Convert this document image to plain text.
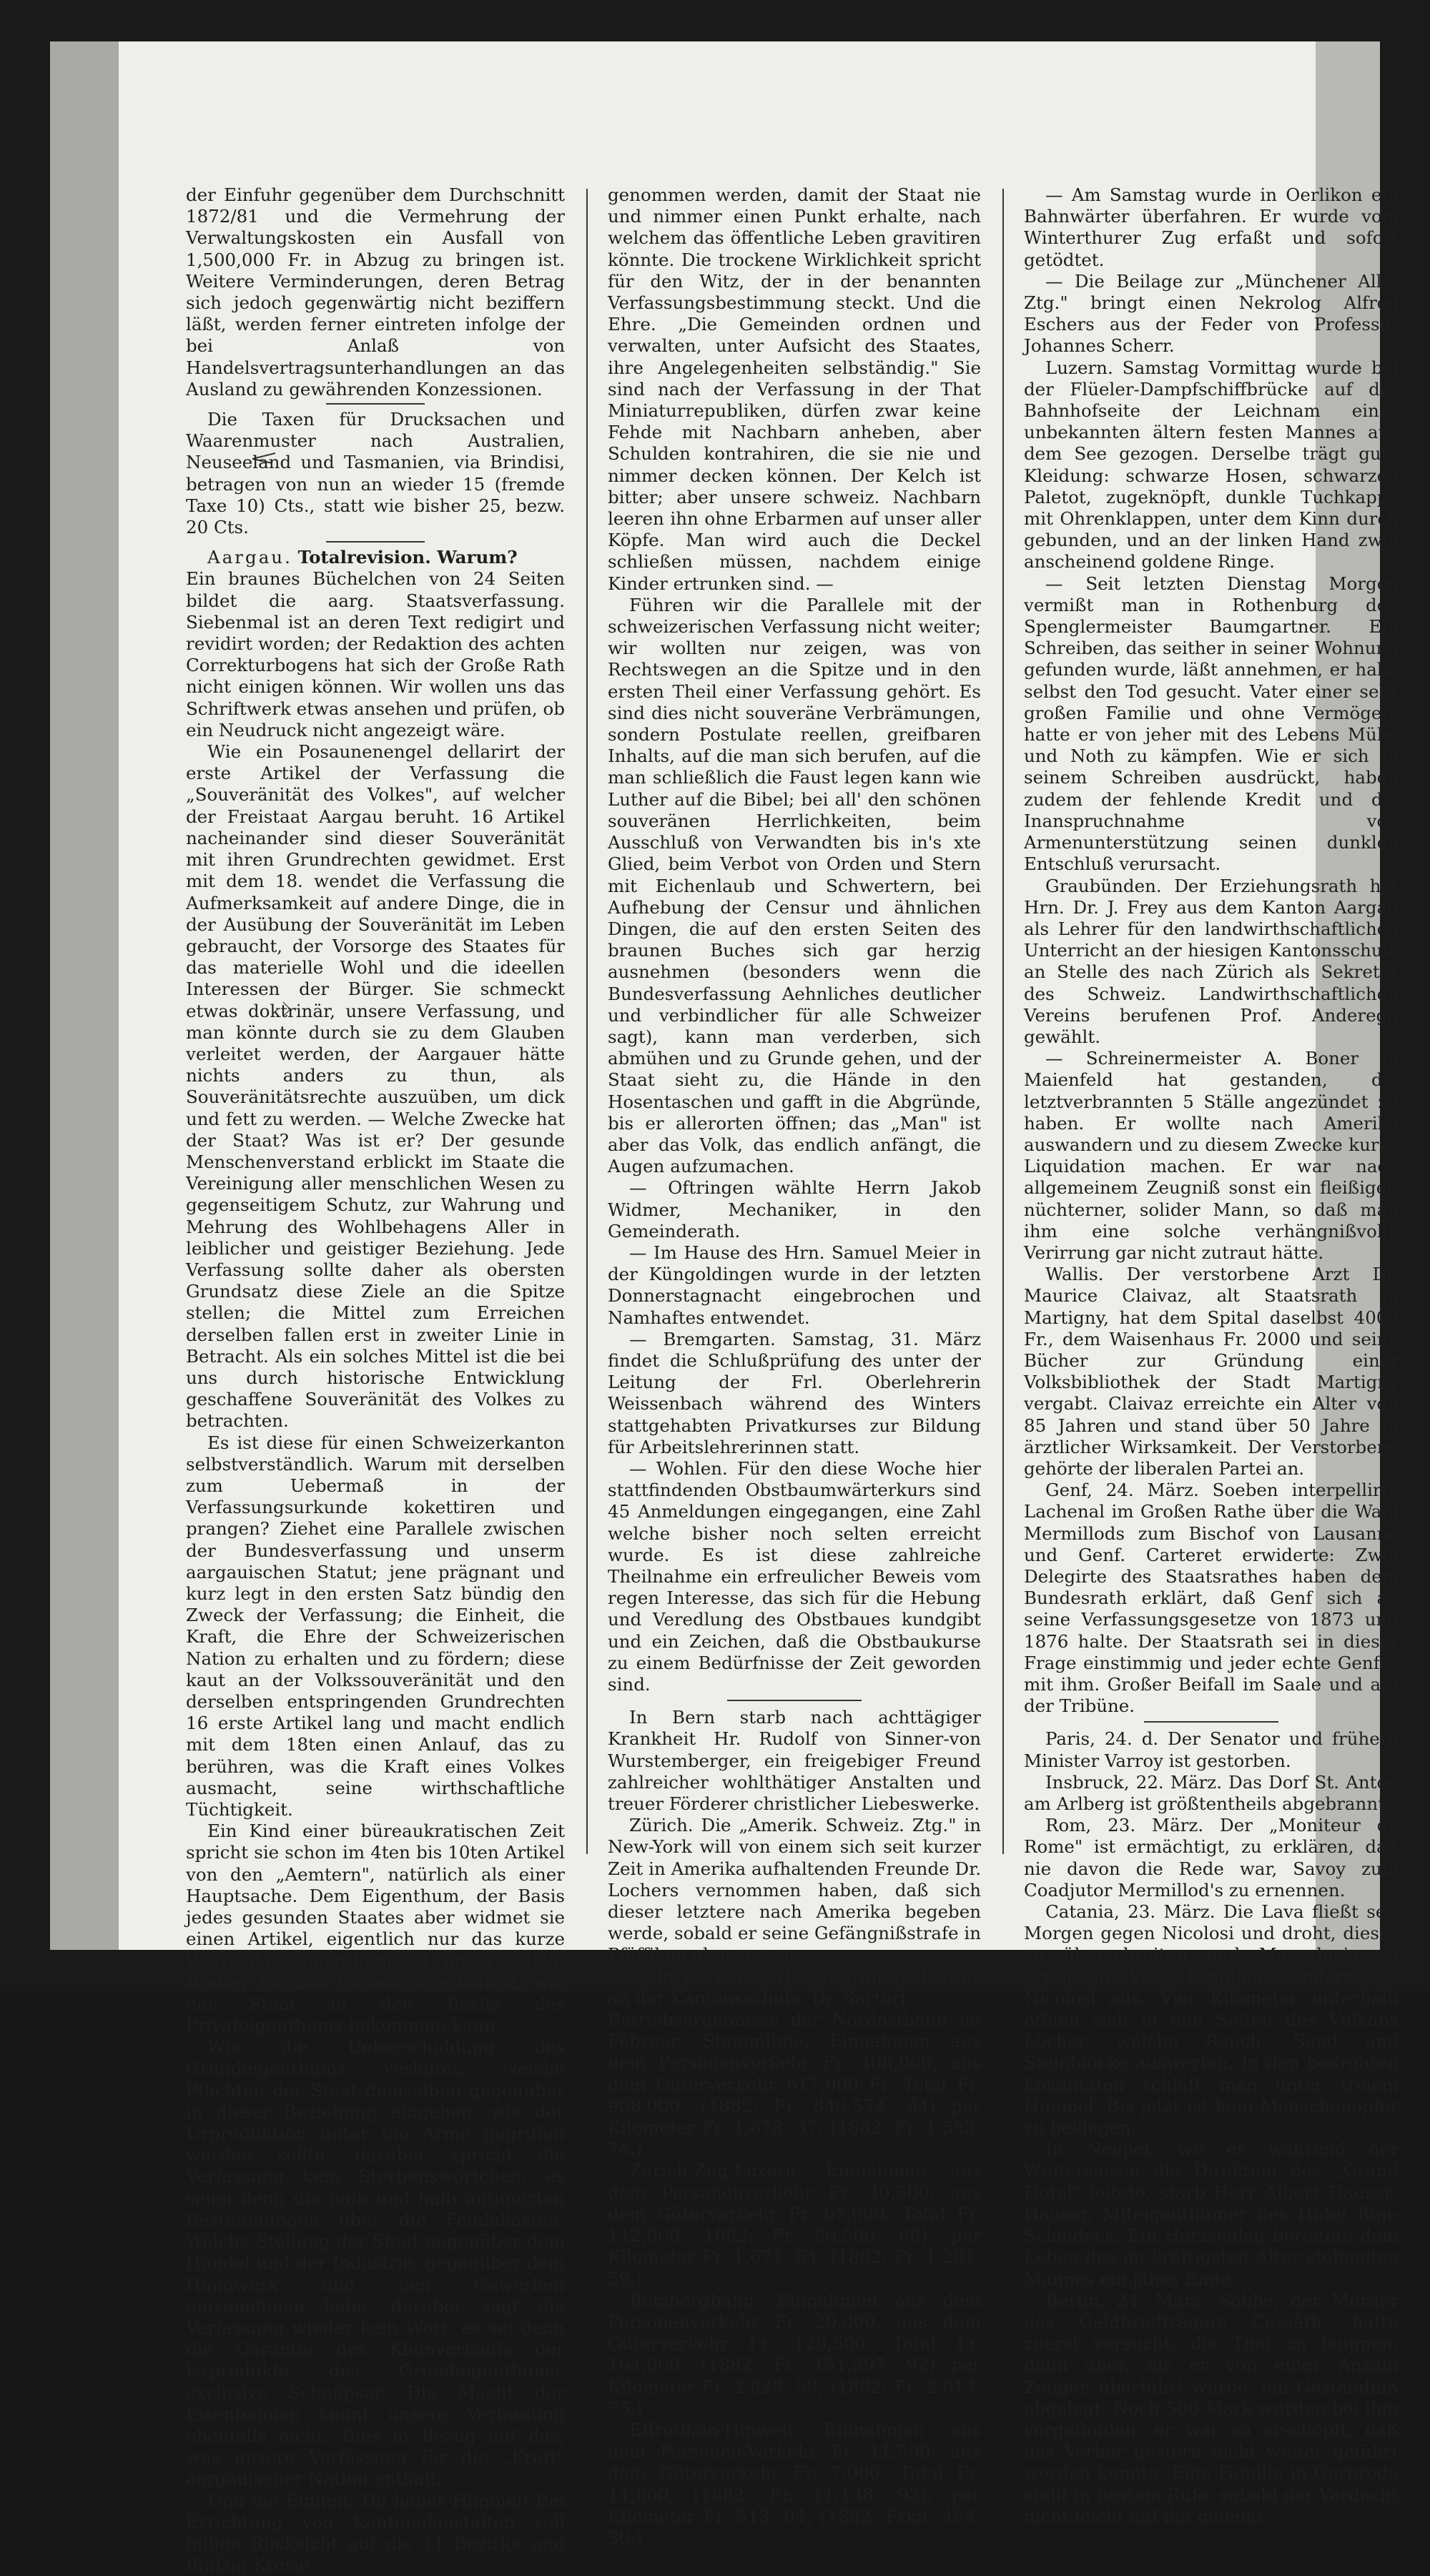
der Einfuhr gegenüber dem Durchschnitt 1872/81 und die Vermehrung der Verwaltungskosten ein Ausfall von 1,500,000 Fr. in Abzug zu bringen ist. Weitere Verminderungen, deren Betrag sich jedoch gegenwärtig nicht beziffern läßt, werden ferner eintreten infolge der bei Anlaß von Handelsvertragsunterhandlungen an das Ausland zu gewährenden Konzessionen.

Die Taxen für Drucksachen und Waarenmuster nach Australien, Neuseeland und Tasmanien, via Brindisi, betragen von nun an wieder 15 (fremde Taxe 10) Cts., statt wie bisher 25, bezw. 20 Cts.

Aargau. Totalrevision. Warum?

Ein braunes Büchelchen von 24 Seiten bildet die aarg. Staatsverfassung. Siebenmal ist an deren Text redigirt und revidirt worden; der Redaktion des achten Correkturbogens hat sich der Große Rath nicht einigen können. Wir wollen uns das Schriftwerk etwas ansehen und prüfen, ob ein Neudruck nicht angezeigt wäre.

Wie ein Posaunenengel dellarirt der erste Artikel der Verfassung die „Souveränität des Volkes", auf welcher der Freistaat Aargau beruht. 16 Artikel nacheinander sind dieser Souveränität mit ihren Grundrechten gewidmet. Erst mit dem 18. wendet die Verfassung die Aufmerksamkeit auf andere Dinge, die in der Ausübung der Souveränität im Leben gebraucht, der Vorsorge des Staates für das materielle Wohl und die ideellen Interessen der Bürger. Sie schmeckt etwas doktrinär, unsere Verfassung, und man könnte durch sie zu dem Glauben verleitet werden, der Aargauer hätte nichts anders zu thun, als Souveränitätsrechte auszuüben, um dick und fett zu werden. — Welche Zwecke hat der Staat? Was ist er? Der gesunde Menschenverstand erblickt im Staate die Vereinigung aller menschlichen Wesen zu gegenseitigem Schutz, zur Wahrung und Mehrung des Wohlbehagens Aller in leiblicher und geistiger Beziehung. Jede Verfassung sollte daher als obersten Grundsatz diese Ziele an die Spitze stellen; die Mittel zum Erreichen derselben fallen erst in zweiter Linie in Betracht. Als ein solches Mittel ist die bei uns durch historische Entwicklung geschaffene Souveränität des Volkes zu betrachten.

Es ist diese für einen Schweizerkanton selbstverständlich. Warum mit derselben zum Uebermaß in der Verfassungsurkunde kokettiren und prangen? Ziehet eine Parallele zwischen der Bundesverfassung und unserm aargauischen Statut; jene prägnant und kurz legt in den ersten Satz bündig den Zweck der Verfassung; die Einheit, die Kraft, die Ehre der Schweizerischen Nation zu erhalten und zu fördern; diese kaut an der Volkssouveränität und den derselben entspringenden Grundrechten 16 erste Artikel lang und macht endlich mit dem 18ten einen Anlauf, das zu berühren, was die Kraft eines Volkes ausmacht, seine wirthschaftliche Tüchtigkeit.

Ein Kind einer büreaukratischen Zeit spricht sie schon im 4ten bis 10ten Artikel von den „Aemtern", natürlich als einer Hauptsache. Dem Eigenthum, der Basis jedes gesunden Staates aber widmet sie einen Artikel, eigentlich nur das kurze Wort: das Eigenthum ist unverletzlich. Breiter ist das Prozedere erläutert, wie der Staat in den Besitz des Privateigenthums bekommen kann.

Wie die Ueberschuldung des Grundeigenthums verhütet, welche Pflichten der Staat demselben gegenüber in dieser Beziehung eingehen, wie der Urproduktion unter die Arme gegriffen werden sollte, darüber spricht die Verfassung kein Sterbenswörtchen, es seien denn die halb und halb antiquirten Bestimmungen über die Feudallasten. Welche Stellung der Staat gegenüber dem Handel und der Industrie, gegenüber dem Handwerk und den Gewerben einzunehmen habe, darüber sagt die Verfassung wieder kein Wort, es sei denn die Garantie des Kleinverkaufs der Urprodukte des Grundeigenthums, exclusive Schnäpser. Die Macht der Eisenbahnen kennt unsere Verfassung ebenfalls nicht. Dies in Bezug auf das, was unsere Verfassung für die „Kraft" aargauischer Nation enthält.

Und die Einheit. Du lieber Himmel! Bei Errichtung von Kantonalanstalten soll billige Rücksicht auf die 11 Bezirke und fünfzig Kreise

genommen werden, damit der Staat nie und nimmer einen Punkt erhalte, nach welchem das öffentliche Leben gravitiren könnte. Die trockene Wirklichkeit spricht für den Witz, der in der benannten Verfassungsbestimmung steckt. Und die Ehre. „Die Gemeinden ordnen und verwalten, unter Aufsicht des Staates, ihre Angelegenheiten selbständig." Sie sind nach der Verfassung in der That Miniaturrepubliken, dürfen zwar keine Fehde mit Nachbarn anheben, aber Schulden kontrahiren, die sie nie und nimmer decken können. Der Kelch ist bitter; aber unsere schweiz. Nachbarn leeren ihn ohne Erbarmen auf unser aller Köpfe. Man wird auch die Deckel schließen müssen, nachdem einige Kinder ertrunken sind. —

Führen wir die Parallele mit der schweizerischen Verfassung nicht weiter; wir wollten nur zeigen, was von Rechtswegen an die Spitze und in den ersten Theil einer Verfassung gehört. Es sind dies nicht souveräne Verbrämungen, sondern Postulate reellen, greifbaren Inhalts, auf die man sich berufen, auf die man schließlich die Faust legen kann wie Luther auf die Bibel; bei all' den schönen souveränen Herrlichkeiten, beim Ausschluß von Verwandten bis in's xte Glied, beim Verbot von Orden und Stern mit Eichenlaub und Schwertern, bei Aufhebung der Censur und ähnlichen Dingen, die auf den ersten Seiten des braunen Buches sich gar herzig ausnehmen (besonders wenn die Bundesverfassung Aehnliches deutlicher und verbindlicher für alle Schweizer sagt), kann man verderben, sich abmühen und zu Grunde gehen, und der Staat sieht zu, die Hände in den Hosentaschen und gafft in die Abgründe, bis er allerorten öffnen; das „Man" ist aber das Volk, das endlich anfängt, die Augen aufzumachen.

— Oftringen wählte Herrn Jakob Widmer, Mechaniker, in den Gemeinderath.

— Im Hause des Hrn. Samuel Meier in der Küngoldingen wurde in der letzten Donnerstagnacht eingebrochen und Namhaftes entwendet.

— Bremgarten. Samstag, 31. März findet die Schlußprüfung des unter der Leitung der Frl. Oberlehrerin Weissenbach während des Winters stattgehabten Privatkurses zur Bildung für Arbeitslehrerinnen statt.

— Wohlen. Für den diese Woche hier stattfindenden Obstbaumwärterkurs sind 45 Anmeldungen eingegangen, eine Zahl welche bisher noch selten erreicht wurde. Es ist diese zahlreiche Theilnahme ein erfreulicher Beweis vom regen Interesse, das sich für die Hebung und Veredlung des Obstbaues kundgibt und ein Zeichen, daß die Obstbaukurse zu einem Bedürfnisse der Zeit geworden sind.

In Bern starb nach achttägiger Krankheit Hr. Rudolf von Sinner-von Wurstemberger, ein freigebiger Freund zahlreicher wohlthätiger Anstalten und treuer Förderer christlicher Liebeswerke.

Zürich. Die „Amerik. Schweiz. Ztg." in New-York will von einem sich seit kurzer Zeit in Amerika aufhaltenden Freunde Dr. Lochers vernommen haben, daß sich dieser letztere nach Amerika begeben werde, sobald er seine Gefängnißstrafe in Pfäffikon abgesessen.

— In Zürich starb der frühere Lehrer an der Kantonsschule, Dr. Sartori.

Betriebsergebnisse der Nordostbahn im Februar. Stammlinie. Einnahmen aus dem Personenverkehr Fr. 408,000, aus dem Güterverkehr 617,000 Fr. Total Fr. 908,000, (1882: Fr. 840,574. 94) per Kilometer Fr. 1,678. 37; (1882: Fr. 1,553. 74.)

Zürich-Zug-Luzern. Einnahmen aus dem Personenverkehr Fr. 40,500, aus dem Güterverkehr Fr. 67,000. Total Fr. 112,000, 1882: Fr. 80,506. 88), per Kilometer Fr. 1,671. 64, (1882: Fr. 1,201. 59.)

Bötzbergbahn. Einnahmen aus dem Personenverkehr Fr. 20,000, aus dem Güterverkehr Fr. 128,500. Total Fr. 164,000, (1882: Fr. 151,597. 92) per Kilometer Fr. 2,828. 59, (1882: Fr. 2,613. 75.)

Effretikon-Hinweil. Einnahmen aus dem Personen-Verkehr Fr. 11,500, aus dem Güterverkehr Fr. 7,000. Total Fr. 11,800, (1882: Fr. 11,138. 93), per Kilometer Fr. 513. 04, (1882: Frkn. 484. 30.)

— Am Samstag wurde in Oerlikon ein Bahnwärter überfahren. Er wurde vom Winterthurer Zug erfaßt und sofort getödtet.

— Die Beilage zur „Münchener Allg. Ztg." bringt einen Nekrolog Alfred Eschers aus der Feder von Professor Johannes Scherr.

Luzern. Samstag Vormittag wurde bei der Flüeler-Dampfschiffbrücke auf der Bahnhofseite der Leichnam eines unbekannten ältern festen Mannes aus dem See gezogen. Derselbe trägt gute Kleidung: schwarze Hosen, schwarzen Paletot, zugeknöpft, dunkle Tuchkappe mit Ohrenklappen, unter dem Kinn durch gebunden, und an der linken Hand zwei anscheinend goldene Ringe.

— Seit letzten Dienstag Morgen vermißt man in Rothenburg den Spenglermeister Baumgartner. Ein Schreiben, das seither in seiner Wohnung gefunden wurde, läßt annehmen, er habe selbst den Tod gesucht. Vater einer sehr großen Familie und ohne Vermögen, hatte er von jeher mit des Lebens Mühe und Noth zu kämpfen. Wie er sich in seinem Schreiben ausdrückt, haben zudem der fehlende Kredit und die Inanspruchnahme von Armenunterstützung seinen dunklen Entschluß verursacht.

Graubünden. Der Erziehungsrath hat Hrn. Dr. J. Frey aus dem Kanton Aargau als Lehrer für den landwirthschaftlichen Unterricht an der hiesigen Kantonsschule an Stelle des nach Zürich als Sekretär des Schweiz. Landwirthschaftlichen Vereins berufenen Prof. Anderegg gewählt.

— Schreinermeister A. Boner in Maienfeld hat gestanden, die letztverbrannten 5 Ställe angezündet zu haben. Er wollte nach Amerika auswandern und zu diesem Zwecke kurze Liquidation machen. Er war nach allgemeinem Zeugniß sonst ein fleißiger, nüchterner, solider Mann, so daß man ihm eine solche verhängnißvolle Verirrung gar nicht zutraut hätte.

Wallis. Der verstorbene Arzt Dr. Maurice Claivaz, alt Staatsrath in Martigny, hat dem Spital daselbst 4000 Fr., dem Waisenhaus Fr. 2000 und seine Bücher zur Gründung einer Volksbibliothek der Stadt Martigny vergabt. Claivaz erreichte ein Alter von 85 Jahren und stand über 50 Jahre in ärztlicher Wirksamkeit. Der Verstorbene gehörte der liberalen Partei an.

Genf, 24. März. Soeben interpellirte Lachenal im Großen Rathe über die Wahl Mermillods zum Bischof von Lausanne und Genf. Carteret erwiderte: Zwei Delegirte des Staatsrathes haben dem Bundesrath erklärt, daß Genf sich an seine Verfassungsgesetze von 1873 und 1876 halte. Der Staatsrath sei in dieser Frage einstimmig und jeder echte Genfer mit ihm. Großer Beifall im Saale und auf der Tribüne.

Paris, 24. d. Der Senator und frühere Minister Varroy ist gestorben.

Insbruck, 22. März. Das Dorf St. Anton am Arlberg ist größtentheils abgebrannt.

Rom, 23. März. Der „Moniteur de Rome" ist ermächtigt, zu erklären, daß nie davon die Rede war, Savoy zum Coadjutor Mermillod's zu ernennen.

Catania, 23. März. Die Lava fließt seit Morgen gegen Nicolosi und droht, dieses zu überschreiten und Mascalucia zu erreichen. Viele Familien wandern aus Nicolosi aus. Vier Kilometer unterhalb öffnen sich in den Seiten des Vulkans Löcher, welche Rauch, Sand und Steinblöcke auswerfen. In den bedrohten Lokalitäten schläft man unter freiem Himmel. Bis jetzt ist kein Menschenopfer zu beklagen.

In Neapel, wo er während der Wintersaison die Direktion des „Grand Hotel" leitete, starb Herr Albert Hauser-Hauser, Miteigenthümer des Hotel Rigi-Scheideck. Ein Herzschlag bereitete dem Leben des im kräftigsten Alter stehenden Mannes ein jähes Ende.

Berlin, 24. März. Sobbe, der Mörder des Geldbriefträgers Cossäth, hatte zuerst versucht, die That zu leugnen, dann aber, als er von einer Anzahl Zeugen überführt wurde, ein Geständniß abgelegt. Noch 500 Mark wurden bei ihm vorgefunden; er war so erschöpft, daß das Verhör gestern nicht weiter geführt werden konnte. Eine Familie in Gernrode stellt in bestem Rufe, sobald der Verdacht nicht leicht auf ihn gelenkt
